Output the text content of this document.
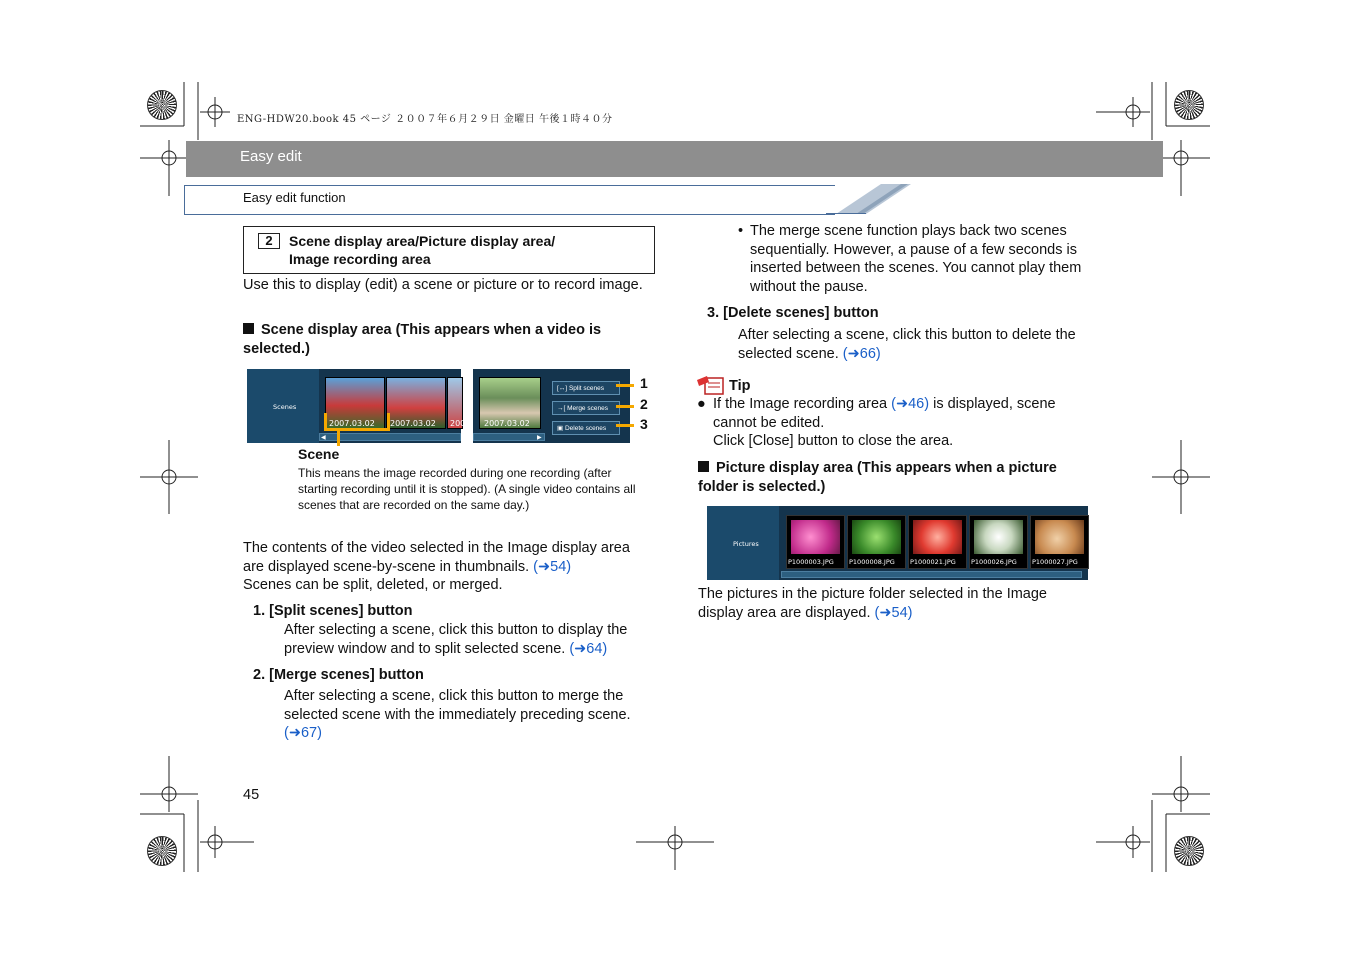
ENG-HDW20.book 45 ページ ２００７年６月２９日 金曜日 午後１時４０分
Easy edit
Easy edit function
2	Scene display area/Picture display area/
Image recording area
Use this to display (edit) a scene or picture or to record image.
Scene display area (This appears when a video is selected.)
Scenes
2007.03.02 2007.03.02 200
◀
2007.03.02
▶
[↔] Split scenes
→[ Merge scenes
▣ Delete scenes
1
2
3
Scene
This means the image recorded during one recording (after starting recording until it is stopped). (A single video contains all scenes that are recorded on the same day.)
The contents of the video selected in the Image display area are displayed scene-by-scene in thumbnails. (➜54)
Scenes can be split, deleted, or merged.
1. [Split scenes] button
After selecting a scene, click this button to display the preview window and to split selected scene. (➜64)
2. [Merge scenes] button
After selecting a scene, click this button to merge the selected scene with the immediately preceding scene.
(➜67)
• The merge scene function plays back two scenes sequentially. However, a pause of a few seconds is inserted between the scenes. You cannot play them without the pause.
3. [Delete scenes] button
After selecting a scene, click this button to delete the selected scene. (➜66)
Tip
● If the Image recording area (➜46) is displayed, scene cannot be edited.
Click [Close] button to close the area.
Picture display area (This appears when a picture folder is selected.)
Pictures
P1000003.JPG P1000008.JPG P1000021.JPG P1000026.JPG P1000027.JPG
The pictures in the picture folder selected in the Image display area are displayed. (➜54)
45
